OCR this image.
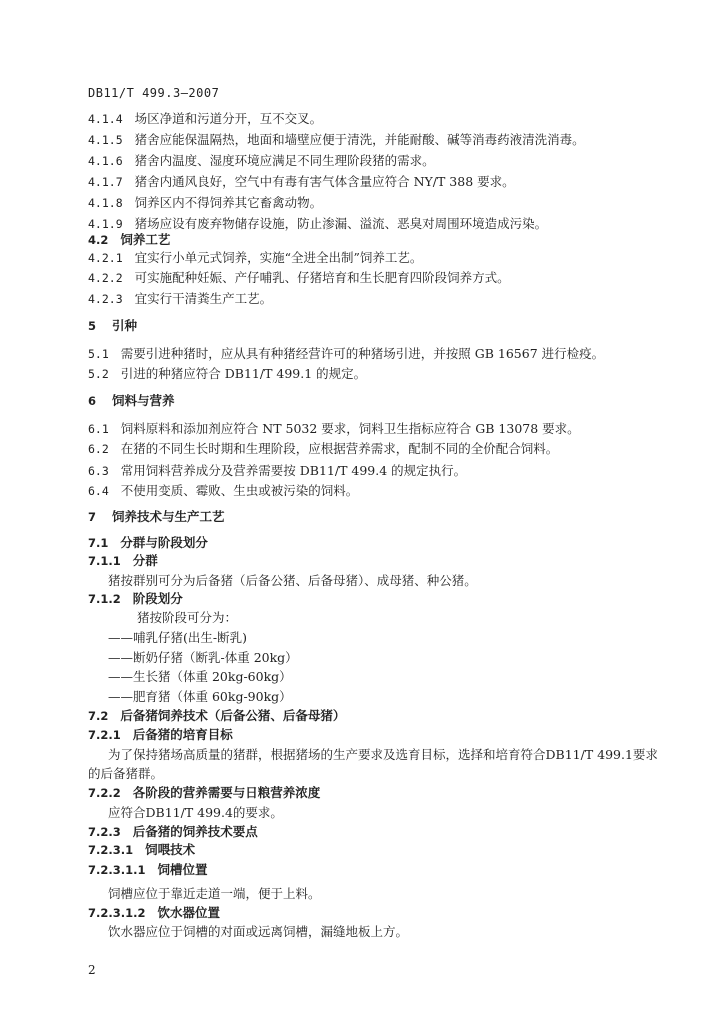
DB11/T 499.3—2007
4.1.4 场区净道和污道分开，互不交叉。
4.1.5 猪舍应能保温隔热，地面和墙壁应便于清洗，并能耐酸、碱等消毒药液清洗消毒。
4.1.6 猪舍内温度、湿度环境应满足不同生理阶段猪的需求。
4.1.7 猪舍内通风良好，空气中有毒有害气体含量应符合 NY/T 388 要求。
4.1.8 饲养区内不得饲养其它畜禽动物。
4.1.9 猪场应设有废弃物储存设施，防止渗漏、溢流、恶臭对周围环境造成污染。
4.2 饲养工艺
4.2.1 宜实行小单元式饲养，实施“全进全出制”饲养工艺。
4.2.2 可实施配种妊娠、产仔哺乳、仔猪培育和生长肥育四阶段饲养方式。
4.2.3 宜实行干清粪生产工艺。
5 引种
5.1 需要引进种猪时，应从具有种猪经营许可的种猪场引进，并按照 GB 16567 进行检疫。
5.2 引进的种猪应符合 DB11/T 499.1 的规定。
6 饲料与营养
6.1 饲料原料和添加剂应符合 NT 5032 要求，饲料卫生指标应符合 GB 13078 要求。
6.2 在猪的不同生长时期和生理阶段，应根据营养需求，配制不同的全价配合饲料。
6.3 常用饲料营养成分及营养需要按 DB11/T 499.4 的规定执行。
6.4 不使用变质、霉败、生虫或被污染的饲料。
7 饲养技术与生产工艺
7.1 分群与阶段划分
7.1.1 分群
猪按群别可分为后备猪（后备公猪、后备母猪）、成母猪、种公猪。
7.1.2 阶段划分
猪按阶段可分为：
——哺乳仔猪(出生-断乳)
——断奶仔猪（断乳-体重 20kg）
——生长猪（体重 20kg-60kg）
——肥育猪（体重 60kg-90kg）
7.2 后备猪饲养技术（后备公猪、后备母猪）
7.2.1 后备猪的培育目标
为了保持猪场高质量的猪群，根据猪场的生产要求及选育目标，选择和培育符合DB11/T 499.1要求
的后备猪群。
7.2.2 各阶段的营养需要与日粮营养浓度
应符合DB11/T 499.4的要求。
7.2.3 后备猪的饲养技术要点
7.2.3.1 饲喂技术
7.2.3.1.1 饲槽位置
饲槽应位于靠近走道一端，便于上料。
7.2.3.1.2 饮水器位置
饮水器应位于饲槽的对面或远离饲槽，漏缝地板上方。
2
